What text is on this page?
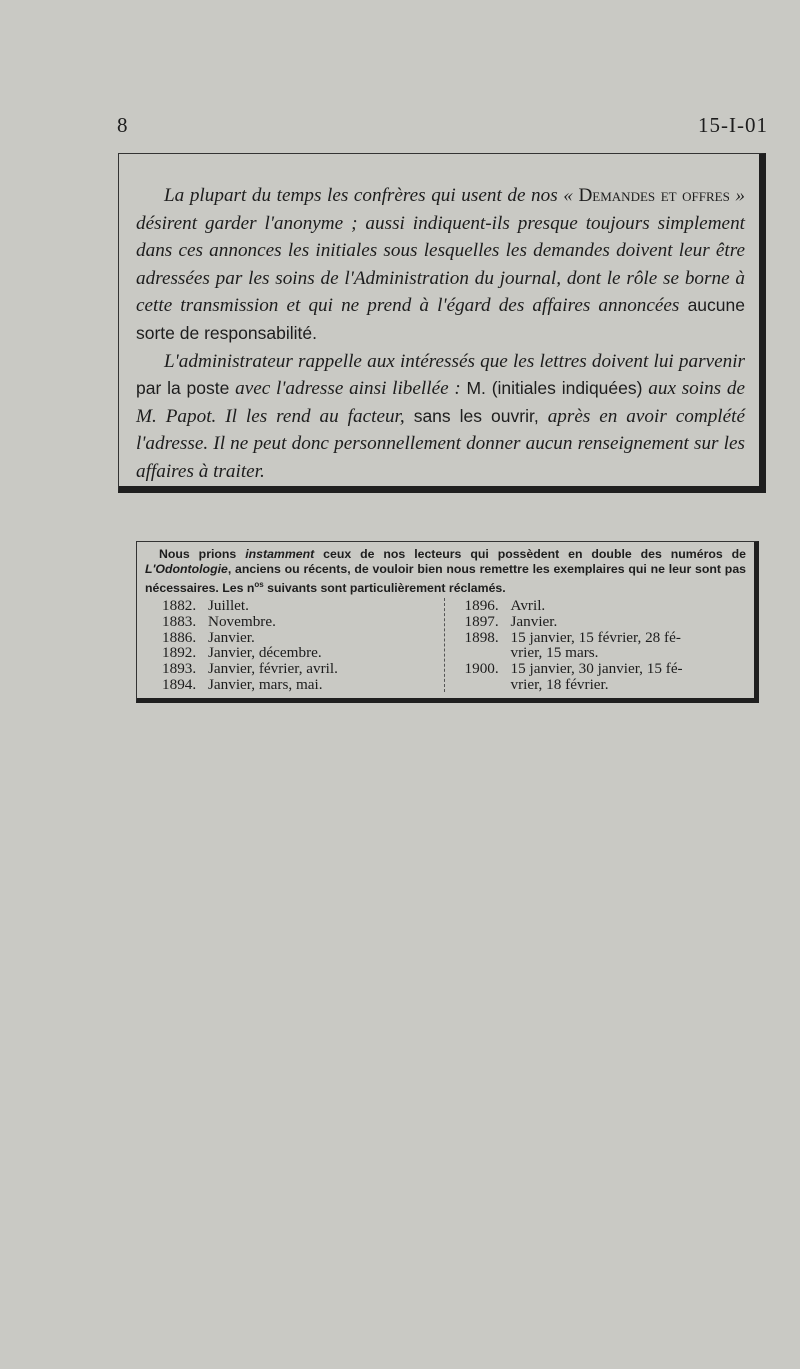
8	15-I-01

La plupart du temps les confrères qui usent de nos « Demandes et offres » désirent garder l'anonyme ; aussi indiquent-ils presque toujours simplement dans ces annonces les initiales sous lesquelles les demandes doivent leur être adressées par les soins de l'Administration du journal, dont le rôle se borne à cette transmission et qui ne prend à l'égard des affaires annoncées aucune sorte de responsabilité.

L'administrateur rappelle aux intéressés que les lettres doivent lui parvenir par la poste avec l'adresse ainsi libellée : M. (initiales indiquées) aux soins de M. Papot. Il les rend au facteur, sans les ouvrir, après en avoir complété l'adresse. Il ne peut donc personnellement donner aucun renseignement sur les affaires à traiter.

Nous prions instamment ceux de nos lecteurs qui possèdent en double des numéros de L'Odontologie, anciens ou récents, de vouloir bien nous remettre les exemplaires qui ne leur sont pas nécessaires. Les $n^{os}$ suivants sont particulièrement réclamés.

1882. Juillet.
1883. Novembre.
1886. Janvier.
1892. Janvier, décembre.
1893. Janvier, février, avril.
1894. Janvier, mars, mai.
1896. Avril.
1897. Janvier.
1898. 15 janvier, 15 février, 28 fé-
vrier, 15 mars.
1900. 15 janvier, 30 janvier, 15 fé-
vrier, 18 février.
